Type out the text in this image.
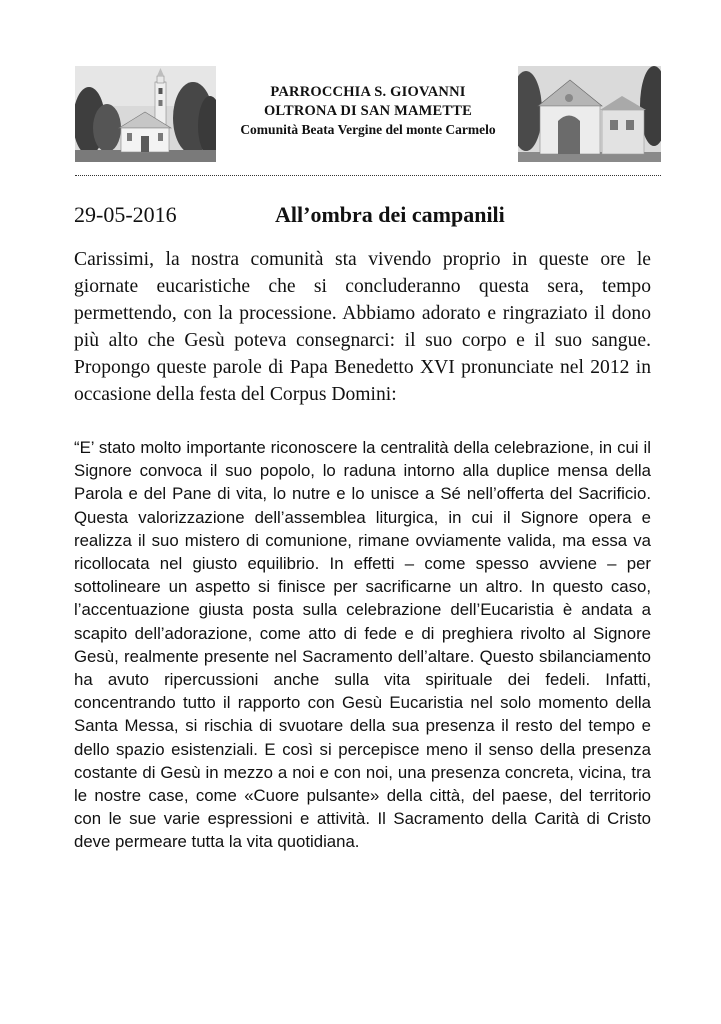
PARROCCHIA S. GIOVANNI
OLTRONA DI SAN MAMETTE
Comunità Beata Vergine del monte Carmelo
29-05-2016	All’ombra dei campanili

Carissimi, la nostra comunità sta vivendo proprio in queste ore le giornate eucaristiche che si concluderanno questa sera, tempo permettendo, con la processione. Abbiamo adorato e ringraziato il dono più alto che Gesù poteva consegnarci: il suo corpo e il suo sangue. Propongo queste parole di Papa Benedetto XVI pronunciate nel 2012 in occasione della festa del Corpus Domini:

“E’ stato molto importante riconoscere la centralità della celebrazione, in cui il Signore convoca il suo popolo, lo raduna intorno alla duplice mensa della Parola e del Pane di vita, lo nutre e lo unisce a Sé nell’offerta del Sacrificio. Questa valorizzazione dell’assemblea liturgica, in cui il Signore opera e realizza il suo mistero di comunione, rimane ovviamente valida, ma essa va ricollocata nel giusto equilibrio. In effetti – come spesso avviene – per sottolineare un aspetto si finisce per sacrificarne un altro. In questo caso, l’accentuazione giusta posta sulla celebrazione dell’Eucaristia è andata a scapito dell’adorazione, come atto di fede e di preghiera rivolto al Signore Gesù, realmente presente nel Sacramento dell’altare. Questo sbilanciamento ha avuto ripercussioni anche sulla vita spirituale dei fedeli. Infatti, concentrando tutto il rapporto con Gesù Eucaristia nel solo momento della Santa Messa, si rischia di svuotare della sua presenza il resto del tempo e dello spazio esistenziali. E così si percepisce meno il senso della presenza costante di Gesù in mezzo a noi e con noi, una presenza concreta, vicina, tra le nostre case, come «Cuore pulsante» della città, del paese, del territorio con le sue varie espressioni e attività. Il Sacramento della Carità di Cristo deve permeare tutta la vita quotidiana.
